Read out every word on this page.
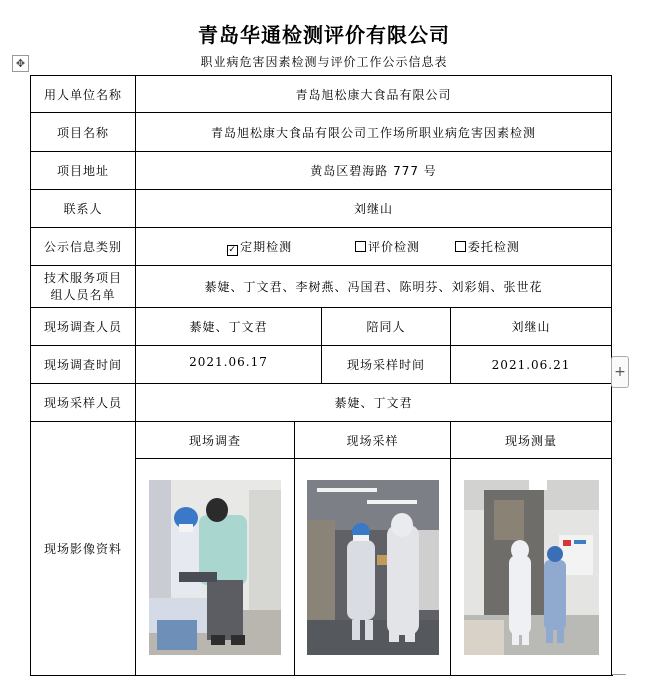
青岛华通检测评价有限公司
职业病危害因素检测与评价工作公示信息表
✥
用人单位名称	青岛旭松康大食品有限公司			
项目名称	青岛旭松康大食品有限公司工作场所职业病危害因素检测			
项目地址	黄岛区碧海路 777 号			
联系人	刘继山			
公示信息类别	✓ 定期检测 评价检测 委托检测			
技术服务项目
组人员名单	綦婕、丁文君、李树燕、冯国君、陈明芬、刘彩娟、张世花			
现场调查人员	綦婕、丁文君		陪同人	刘继山
现场调查时间	2021.06.17		现场采样时间	2021.06.21
现场采样人员	綦婕、丁文君			
现场影像资料	现场调查	现场采样		现场测量

+
